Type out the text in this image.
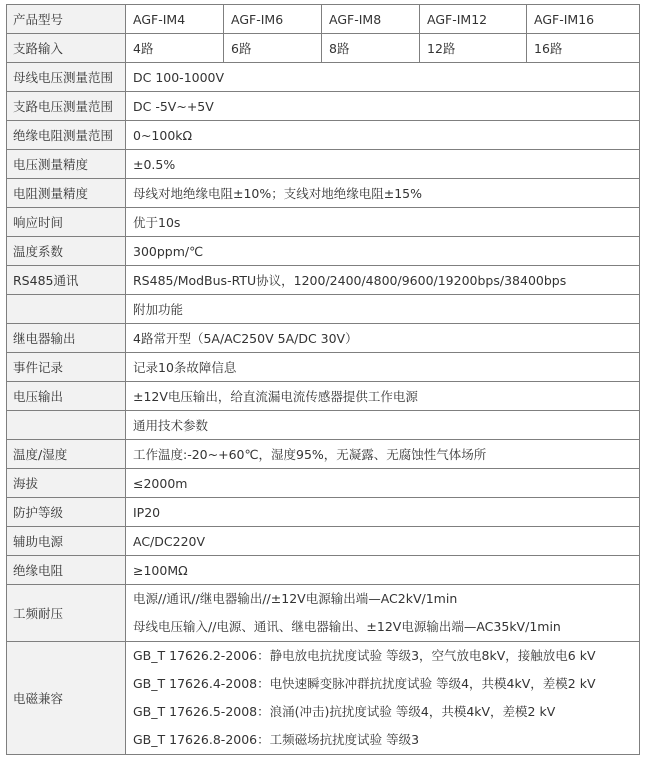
产品型号	AGF-IM4	AGF-IM6	AGF-IM8	AGF-IM12	AGF-IM16
支路输入	4路	6路	8路	12路	16路
母线电压测量范围	DC 100-1000V				
支路电压测量范围	DC -5V~+5V				
绝缘电阻测量范围	0~100kΩ				
电压测量精度	±0.5%				
电阻测量精度	母线对地绝缘电阻±10%；支线对地绝缘电阻±15%				
响应时间	优于10s				
温度系数	300ppm/℃				
RS485通讯	RS485/ModBus-RTU协议，1200/2400/4800/9600/19200bps/38400bps				
	附加功能				
继电器输出	4路常开型（5A/AC250V 5A/DC 30V）				
事件记录	记录10条故障信息				
电压输出	±12V电压输出，给直流漏电流传感器提供工作电源				
	通用技术参数				
温度/湿度	工作温度:-20~+60℃，湿度95%，无凝露、无腐蚀性气体场所				
海拔	≤2000m				
防护等级	IP20				
辅助电源	AC/DC220V				
绝缘电阻	≥100MΩ				
工频耐压	电源//通讯//继电器输出//±12V电源输出端—AC2kV/1min
母线电压输入//电源、通讯、继电器输出、±12V电源输出端—AC35kV/1min				

电磁兼容	GB_T 17626.2-2006：静电放电抗扰度试验 等级3，空气放电8kV，接触放电6 kV
GB_T 17626.4-2008：电快速瞬变脉冲群抗扰度试验 等级4，共模4kV，差模2 kV
GB_T 17626.5-2008：浪涌(冲击)抗扰度试验 等级4，共模4kV，差模2 kV
GB_T 17626.8-2006：工频磁场抗扰度试验 等级3				
